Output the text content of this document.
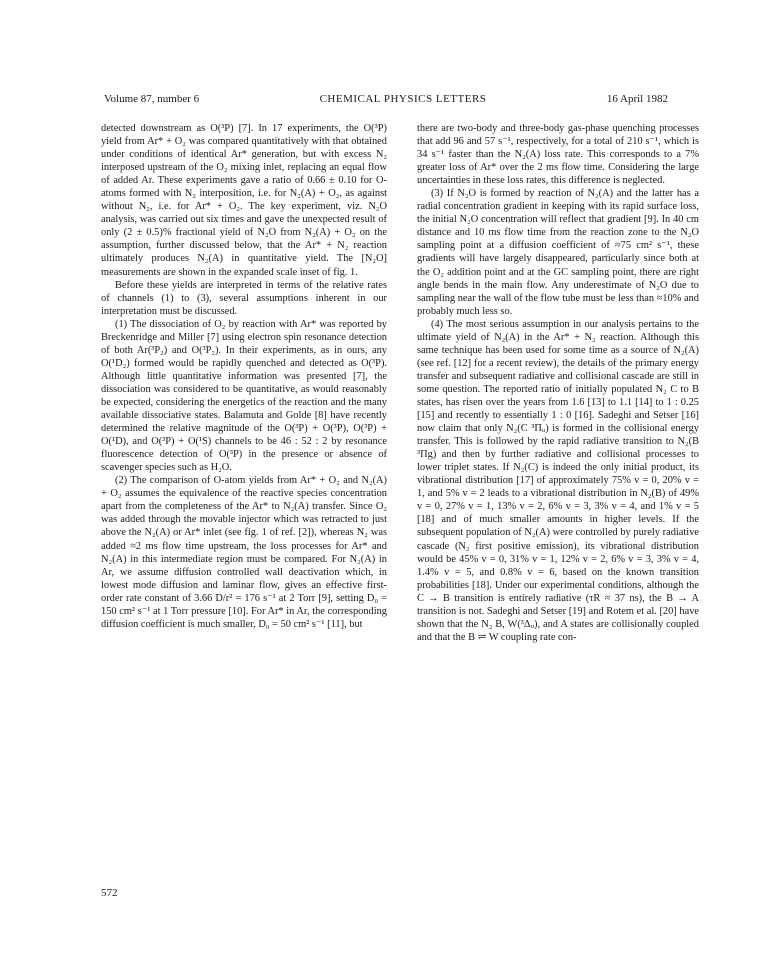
Volume 87, number 6	CHEMICAL PHYSICS LETTERS	16 April 1982

detected downstream as O(³P) [7]. In 17 experiments, the O(³P) yield from Ar* + O₂ was compared quantitatively with that obtained under conditions of identical Ar* generation, but with excess N₂ interposed upstream of the O₂ mixing inlet, replacing an equal flow of added Ar. These experiments gave a ratio of 0.66 ± 0.10 for O-atoms formed with N₂ interposition, i.e. for N₂(A) + O₂, as against without N₂, i.e. for Ar* + O₂. The key experiment, viz. N₂O analysis, was carried out six times and gave the unexpected result of only (2 ± 0.5)% fractional yield of N₂O from N₂(A) + O₂ on the assumption, further discussed below, that the Ar* + N₂ reaction ultimately produces N₂(A) in quantitative yield. The [N₂O] measurements are shown in the expanded scale inset of fig. 1.

Before these yields are interpreted in terms of the relative rates of channels (1) to (3), several assumptions inherent in our interpretation must be discussed.

(1) The dissociation of O₂ by reaction with Ar* was reported by Breckenridge and Miller [7] using electron spin resonance detection of both Ar(³P₂) and O(³P₂). In their experiments, as in ours, any O(¹D₂) formed would be rapidly quenched and detected as O(³P). Although little quantitative information was presented [7], the dissociation was considered to be quantitative, as would reasonably be expected, considering the energetics of the reaction and the many available dissociative states. Balamuta and Golde [8] have recently determined the relative magnitude of the O(³P) + O(³P), O(³P) + O(¹D), and O(³P) + O(¹S) channels to be 46 : 52 : 2 by resonance fluorescence detection of O(³P) in the presence or absence of scavenger species such as H₂O.

(2) The comparison of O-atom yields from Ar* + O₂ and N₂(A) + O₂ assumes the equivalence of the reactive species concentration apart from the completeness of the Ar* to N₂(A) transfer. Since O₂ was added through the movable injector which was retracted to just above the N₂(A) or Ar* inlet (see fig. 1 of ref. [2]), whereas N₂ was added ≈2 ms flow time upstream, the loss processes for Ar* and N₂(A) in this intermediate region must be compared. For N₂(A) in Ar, we assume diffusion controlled wall deactivation which, in lowest mode diffusion and laminar flow, gives an effective first-order rate constant of 3.66 D/r² = 176 s⁻¹ at 2 Torr [9], setting D₀ = 150 cm² s⁻¹ at 1 Torr pressure [10]. For Ar* in Ar, the corresponding diffusion coefficient is much smaller, D₀ = 50 cm² s⁻¹ [11], but

there are two-body and three-body gas-phase quenching processes that add 96 and 57 s⁻¹, respectively, for a total of 210 s⁻¹, which is 34 s⁻¹ faster than the N₂(A) loss rate. This corresponds to a 7% greater loss of Ar* over the 2 ms flow time. Considering the large uncertainties in these loss rates, this difference is neglected.

(3) If N₂O is formed by reaction of N₂(A) and the latter has a radial concentration gradient in keeping with its rapid surface loss, the initial N₂O concentration will reflect that gradient [9]. In 40 cm distance and 10 ms flow time from the reaction zone to the N₂O sampling point at a diffusion coefficient of ≈75 cm² s⁻¹, these gradients will have largely disappeared, particularly since both at the O₂ addition point and at the GC sampling point, there are right angle bends in the main flow. Any underestimate of N₂O due to sampling near the wall of the flow tube must be less than ≈10% and probably much less so.

(4) The most serious assumption in our analysis pertains to the ultimate yield of N₂(A) in the Ar* + N₂ reaction. Although this same technique has been used for some time as a source of N₂(A) (see ref. [12] for a recent review), the details of the primary energy transfer and subsequent radiative and collisional cascade are still in some question. The reported ratio of initially populated N₂ C to B states, has risen over the years from 1.6 [13] to 1.1 [14] to 1 : 0.25 [15] and recently to essentially 1 : 0 [16]. Sadeghi and Setser [16] now claim that only N₂(C ³Πᵤ) is formed in the collisional energy transfer. This is followed by the rapid radiative transition to N₂(B ³Πg) and then by further radiative and collisional processes to lower triplet states. If N₂(C) is indeed the only initial product, its vibrational distribution [17] of approximately 75% v = 0, 20% v = 1, and 5% v = 2 leads to a vibrational distribution in N₂(B) of 49% v = 0, 27% v = 1, 13% v = 2, 6% v = 3, 3% v = 4, and 1% v = 5 [18] and of much smaller amounts in higher levels. If the subsequent population of N₂(A) were controlled by purely radiative cascade (N₂ first positive emission), its vibrational distribution would be 45% v = 0, 31% v = 1, 12% v = 2, 6% v = 3, 3% v = 4, 1.4% v = 5, and 0.8% v = 6, based on the known transition probabilities [18]. Under our experimental conditions, although the C → B transition is entirely radiative (τR ≈ 37 ns), the B → A transition is not. Sadeghi and Setser [19] and Rotem et al. [20] have shown that the N₂ B, W(³Δᵤ), and A states are collisionally coupled and that the B ⇌ W coupling rate con-

572
